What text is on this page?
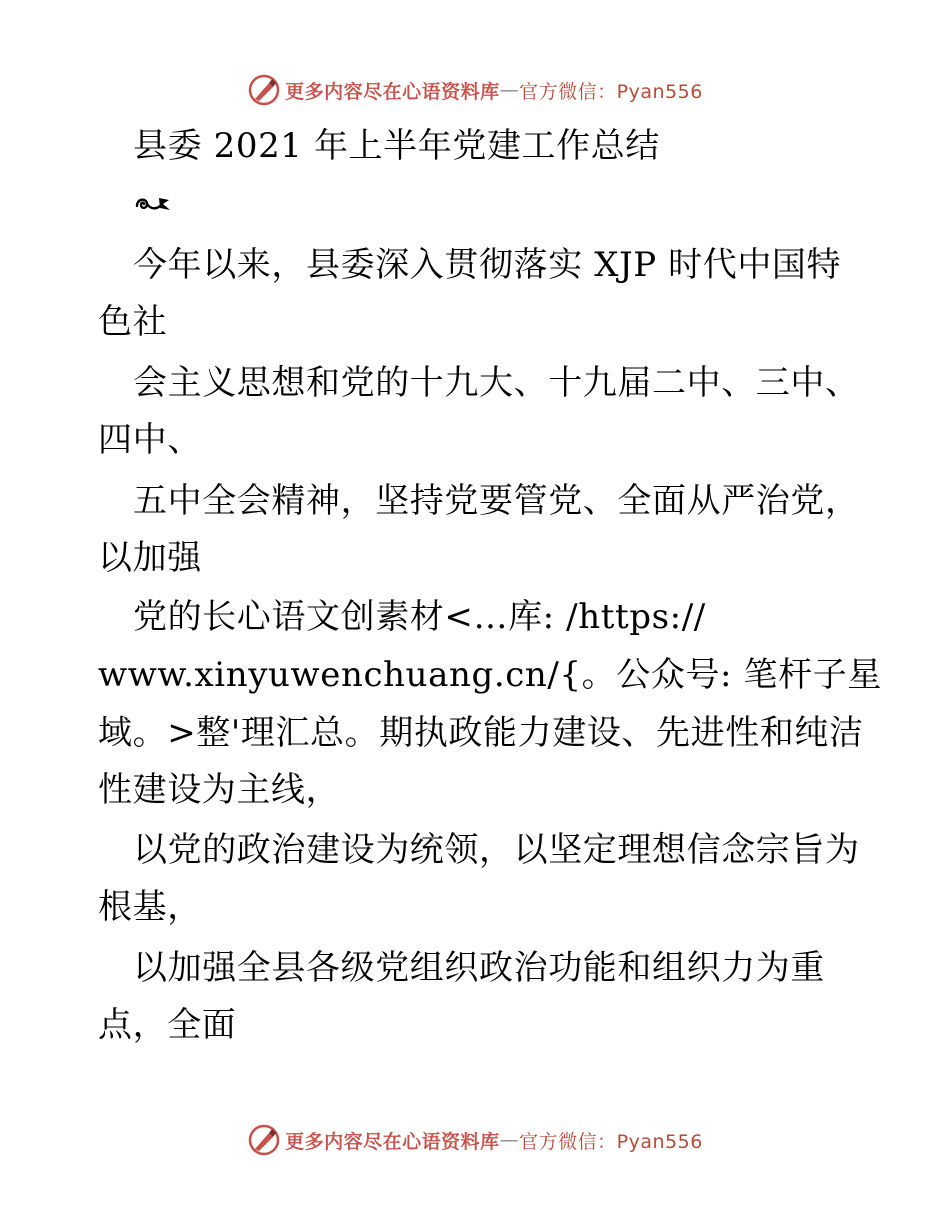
更多内容尽在心语资料库 — 官方微信：Pyan556
县委 2021 年上半年党建工作总结
今年以来，县委深入贯彻落实 XJP 时代中国特
色社
会主义思想和党的十九大、十九届二中、三中、
四中、
五中全会精神，坚持党要管党、全面从严治党，
以加强
党的长心语文创素材<…库: /https://
www.xinyuwenchuang.cn/{。公众号: 笔杆子星
域。>整'理汇总。期执政能力建设、先进性和纯洁
性建设为主线，
以党的政治建设为统领，以坚定理想信念宗旨为
根基，
以加强全县各级党组织政治功能和组织力为重
点，全面
更多内容尽在心语资料库 — 官方微信：Pyan556
